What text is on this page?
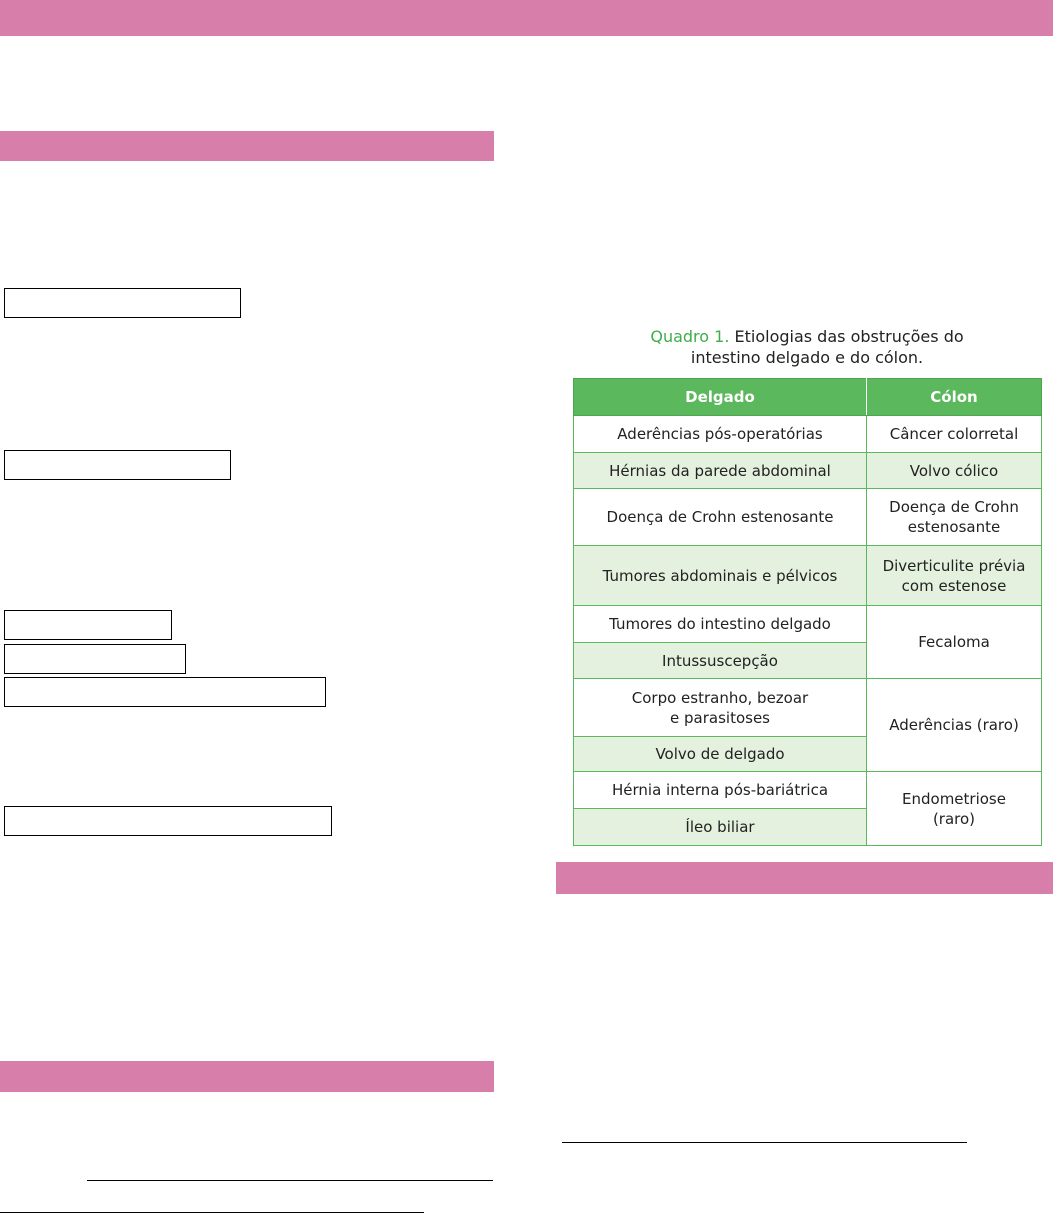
Quadro 1. Etiologias das obstruções do
intestino delgado e do cólon.
Delgado	Cólon
Aderências pós-operatórias	Câncer colorretal
Hérnias da parede abdominal	Volvo cólico
Doença de Crohn estenosante	Doença de Crohn
estenosante
Tumores abdominais e pélvicos	Diverticulite prévia
com estenose
Tumores do intestino delgado	Fecaloma
Intussuscepção	
Corpo estranho, bezoar
e parasitoses	Aderências (raro)
Volvo de delgado	
Hérnia interna pós-bariátrica	Endometriose
(raro)
Íleo biliar	
